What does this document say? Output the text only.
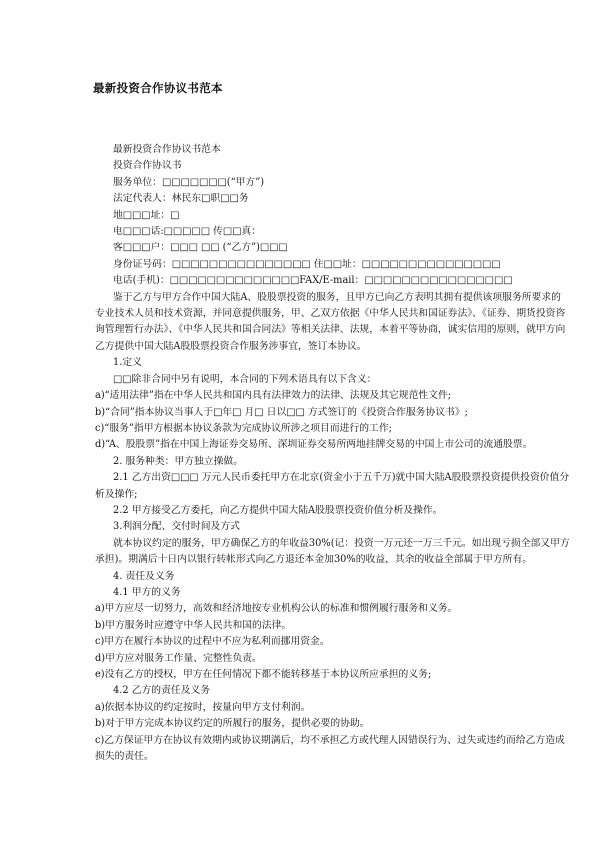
最新投资合作协议书范本

最新投资合作协议书范本

投资合作协议书

服务单位：□□□□□□□(“甲方”)

法定代表人：林民东□职□□务

地□□□址：□

电□□□话:□□□□□ 传□□真：

客□□□户：□□□ □□ (“乙方”)□□□

身份证号码：□□□□□□□□□□□□□□□ 住□□址：□□□□□□□□□□□□□□□

电话(手机)：□□□□□□□□□□□□□□FAX/E-mail：□□□□□□□□□□□□□□□□

鉴于乙方与甲方合作中国大陆A、股股票投资的服务，且甲方已向乙方表明其拥有提供该项服务所要求的专业技术人员和技术资源，并同意提供服务，甲、乙双方依据《中华人民共和国证券法》、《证券、期货投资咨询管理暂行办法》、《中华人民共和国合同法》等相关法律、法规，本着平等协商，诚实信用的原则，就甲方向乙方提供中国大陆A股股票投资合作服务涉事宜，签订本协议。

1.定义

□□除非合同中另有说明，本合同的下列术语具有以下含义：

a)“适用法律”指在中华人民共和国内具有法律效力的法律、法规及其它规范性文件;

b)“合同”指本协议当事人于□年□ 月□ 日以□□ 方式签订的《投资合作服务协议书》;

c)“服务”指甲方根据本协议条款为完成协议所涉之项目而进行的工作;

d)“A、股股票”指在中国上海证券交易所、深圳证券交易所两地挂牌交易的中国上市公司的流通股票。

2. 服务种类：甲方独立操做。

2.1 乙方出资□□□ 万元人民币委托甲方在北京(资金小于五千万)就中国大陆A股股票投资提供投资价值分析及操作;

2.2 甲方接受乙方委托，向乙方提供中国大陆A股股票投资价值分析及操作。

3.利润分配、交付时间及方式

就本协议约定的服务，甲方确保乙方的年收益30%(记：投资一万元还一万三千元。如出现亏损全部又甲方承担)。期满后十日内以银行转帐形式向乙方退还本金加30%的收益，其余的收益全部属于甲方所有。

4. 责任及义务

4.1 甲方的义务

a)甲方应尽一切努力，高效和经济地按专业机构公认的标准和惯例履行服务和义务。

b)甲方服务时应遵守中华人民共和国的法律。

c)甲方在履行本协议的过程中不应为私利而挪用资金。

d)甲方应对服务工作量、完整性负责。

e)没有乙方的授权，甲方在任何情况下都不能转移基于本协议所应承担的义务;

4.2 乙方的责任及义务

a)依据本协议的约定按时，按量向甲方支付利润。

b)对于甲方完成本协议约定的所履行的服务，提供必要的协助。

c)乙方保证甲方在协议有效期内或协议期满后，均不承担乙方或代理人因错误行为、过失或违约而给乙方造成损失的责任。
